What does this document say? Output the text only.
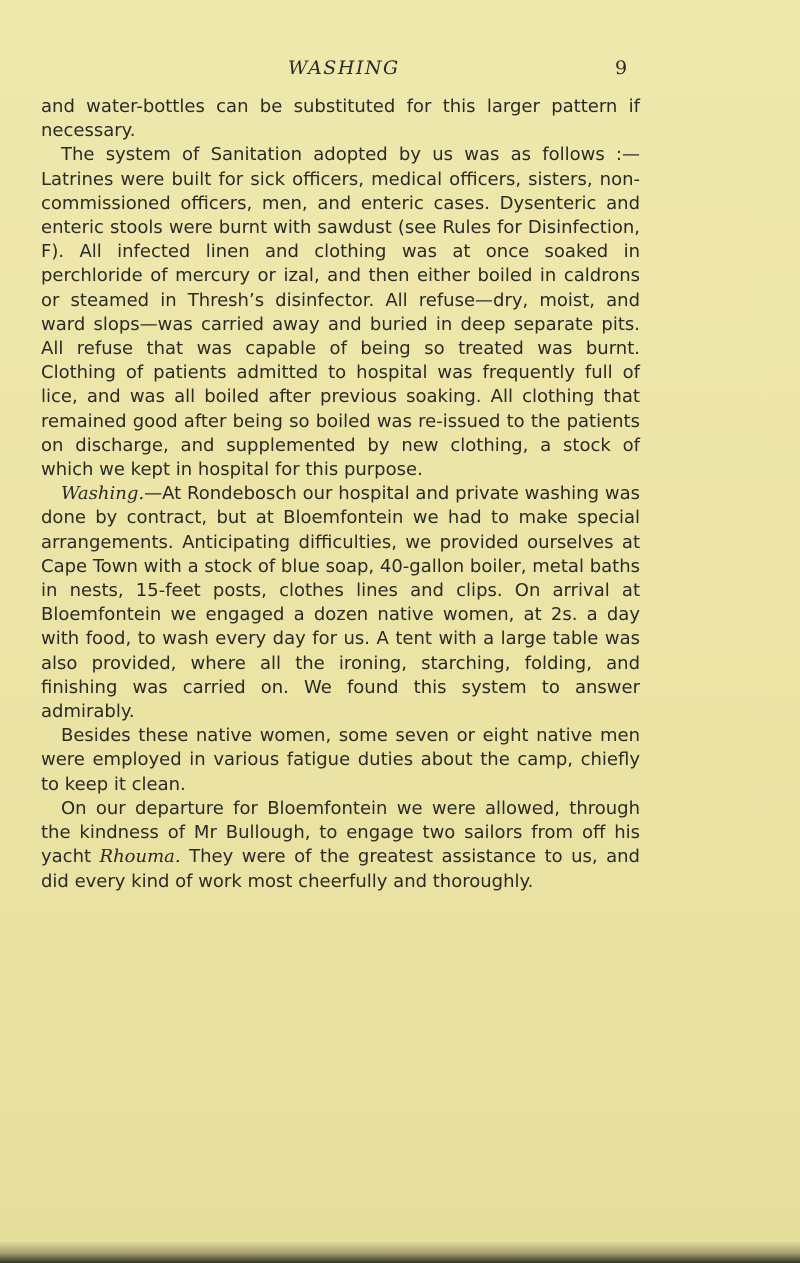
WASHING	9

and water-bottles can be substituted for this larger pattern if necessary.

The system of Sanitation adopted by us was as follows :—Latrines were built for sick officers, medical officers, sisters, non-commissioned officers, men, and enteric cases. Dysenteric and enteric stools were burnt with sawdust (see Rules for Disinfection, F). All infected linen and clothing was at once soaked in perchloride of mercury or izal, and then either boiled in caldrons or steamed in Thresh’s disinfector. All refuse—dry, moist, and ward slops—was carried away and buried in deep separate pits. All refuse that was capable of being so treated was burnt. Clothing of patients admitted to hospital was frequently full of lice, and was all boiled after previous soaking. All clothing that remained good after being so boiled was re-issued to the patients on discharge, and supplemented by new clothing, a stock of which we kept in hospital for this purpose.

Washing.—At Rondebosch our hospital and private washing was done by contract, but at Bloemfontein we had to make special arrangements. Anticipating difficulties, we provided ourselves at Cape Town with a stock of blue soap, 40-gallon boiler, metal baths in nests, 15-feet posts, clothes lines and clips. On arrival at Bloemfontein we engaged a dozen native women, at 2s. a day with food, to wash every day for us. A tent with a large table was also provided, where all the ironing, starching, folding, and finishing was carried on. We found this system to answer admirably.

Besides these native women, some seven or eight native men were employed in various fatigue duties about the camp, chiefly to keep it clean.

On our departure for Bloemfontein we were allowed, through the kindness of Mr Bullough, to engage two sailors from off his yacht Rhouma. They were of the greatest assistance to us, and did every kind of work most cheerfully and thoroughly.
